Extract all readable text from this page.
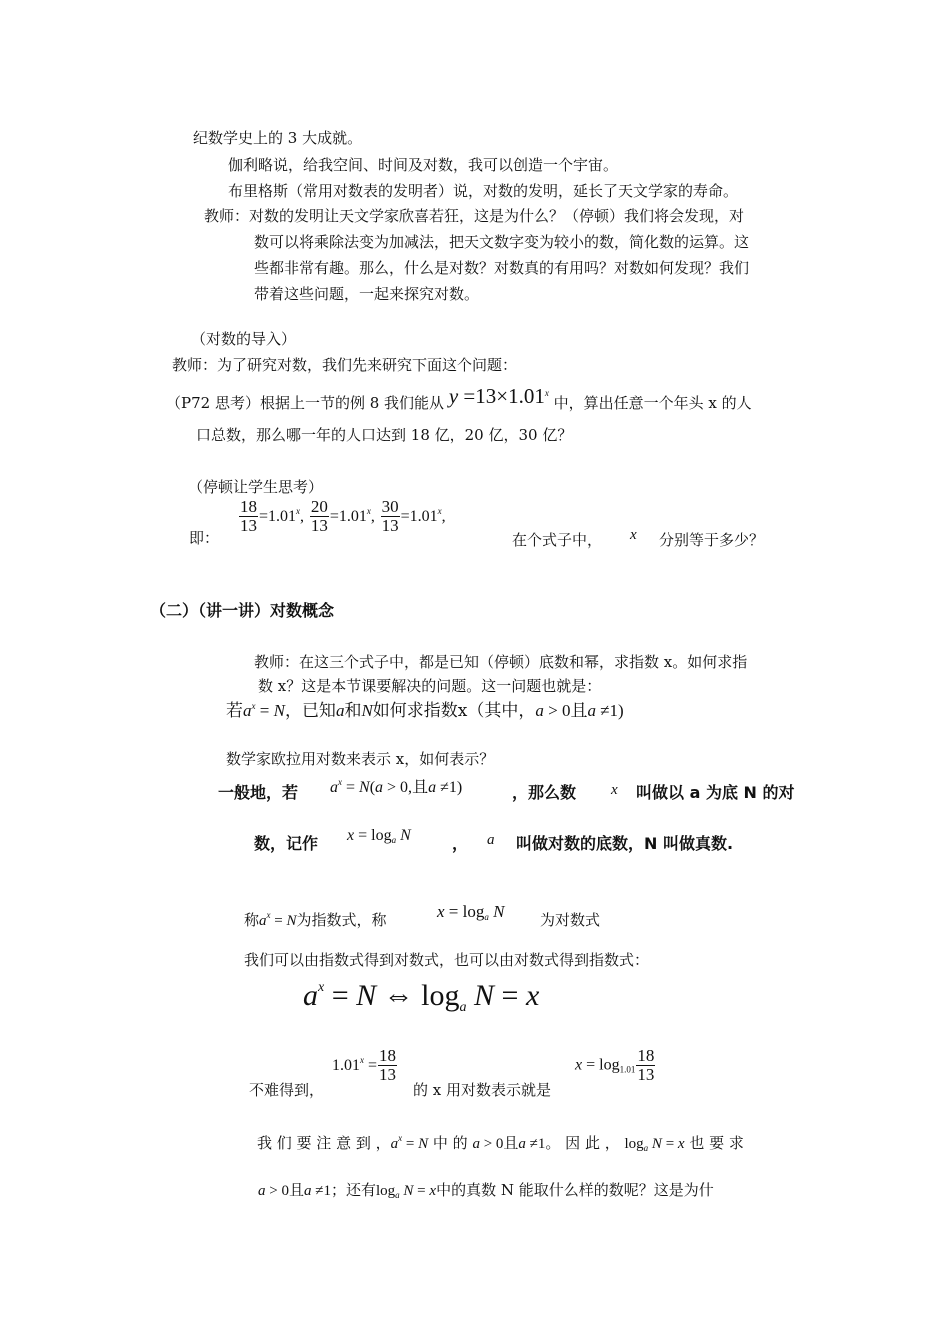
纪数学史上的 3 大成就。
伽利略说，给我空间、时间及对数，我可以创造一个宇宙。
布里格斯（常用对数表的发明者）说，对数的发明，延长了天文学家的寿命。
教师：对数的发明让天文学家欣喜若狂，这是为什么？（停顿）我们将会发现，对
数可以将乘除法变为加减法，把天文数字变为较小的数，简化数的运算。这
些都非常有趣。那么，什么是对数？对数真的有用吗？对数如何发现？我们
带着这些问题，一起来探究对数。
（对数的导入）
教师：为了研究对数，我们先来研究下面这个问题：
（P72 思考）根据上一节的例 8 我们能从 $y =13\times 1.01^x$ 中，算出任意一个年头 x 的人
口总数，那么哪一年的人口达到 18 亿，20 亿，30 亿？
（停顿让学生思考）
即：
$\frac{18}{13} =1.01^x$, $\frac{20}{13} =1.01^x$, $\frac{30}{13} =1.01^x$,
在个式子中， x 分别等于多少？
（二）（讲一讲）对数概念
教师：在这三个式子中，都是已知（停顿）底数和幂，求指数 x。如何求指
数 x？这是本节课要解决的问题。这一问题也就是：
若$a^x = N$，已知a和N如何求指数x（其中，a > 0且a ≠1)
数学家欧拉用对数来表示 x，如何表示？
一般地，若 $a^x = N(a > 0$,且a ≠1)	，那么数 x 叫做以 a 为底 N 的对
数，记作 $x = \log_a N$	， a 叫做对数的底数，N 叫做真数.
称$a^x = N$为指数式，称	$x = \log_a N$ 为对数式
我们可以由指数式得到对数式，也可以由对数式得到指数式：
$a^x = N$ ⇔ $\log_a N = x$
不难得到，
$1.01^x = \frac{18}{13}$
的 x 用对数表示就是
$x = \log_{1.01} \frac{18}{13}$
我 们 要 注 意 到 ，$a^x = N$ 中 的 a > 0且a ≠1。 因 此 ， $\log_a N = x$ 也 要 求
a > 0且a ≠1；还有$\log_a N = x$中的真数 N 能取什么样的数呢？这是为什
